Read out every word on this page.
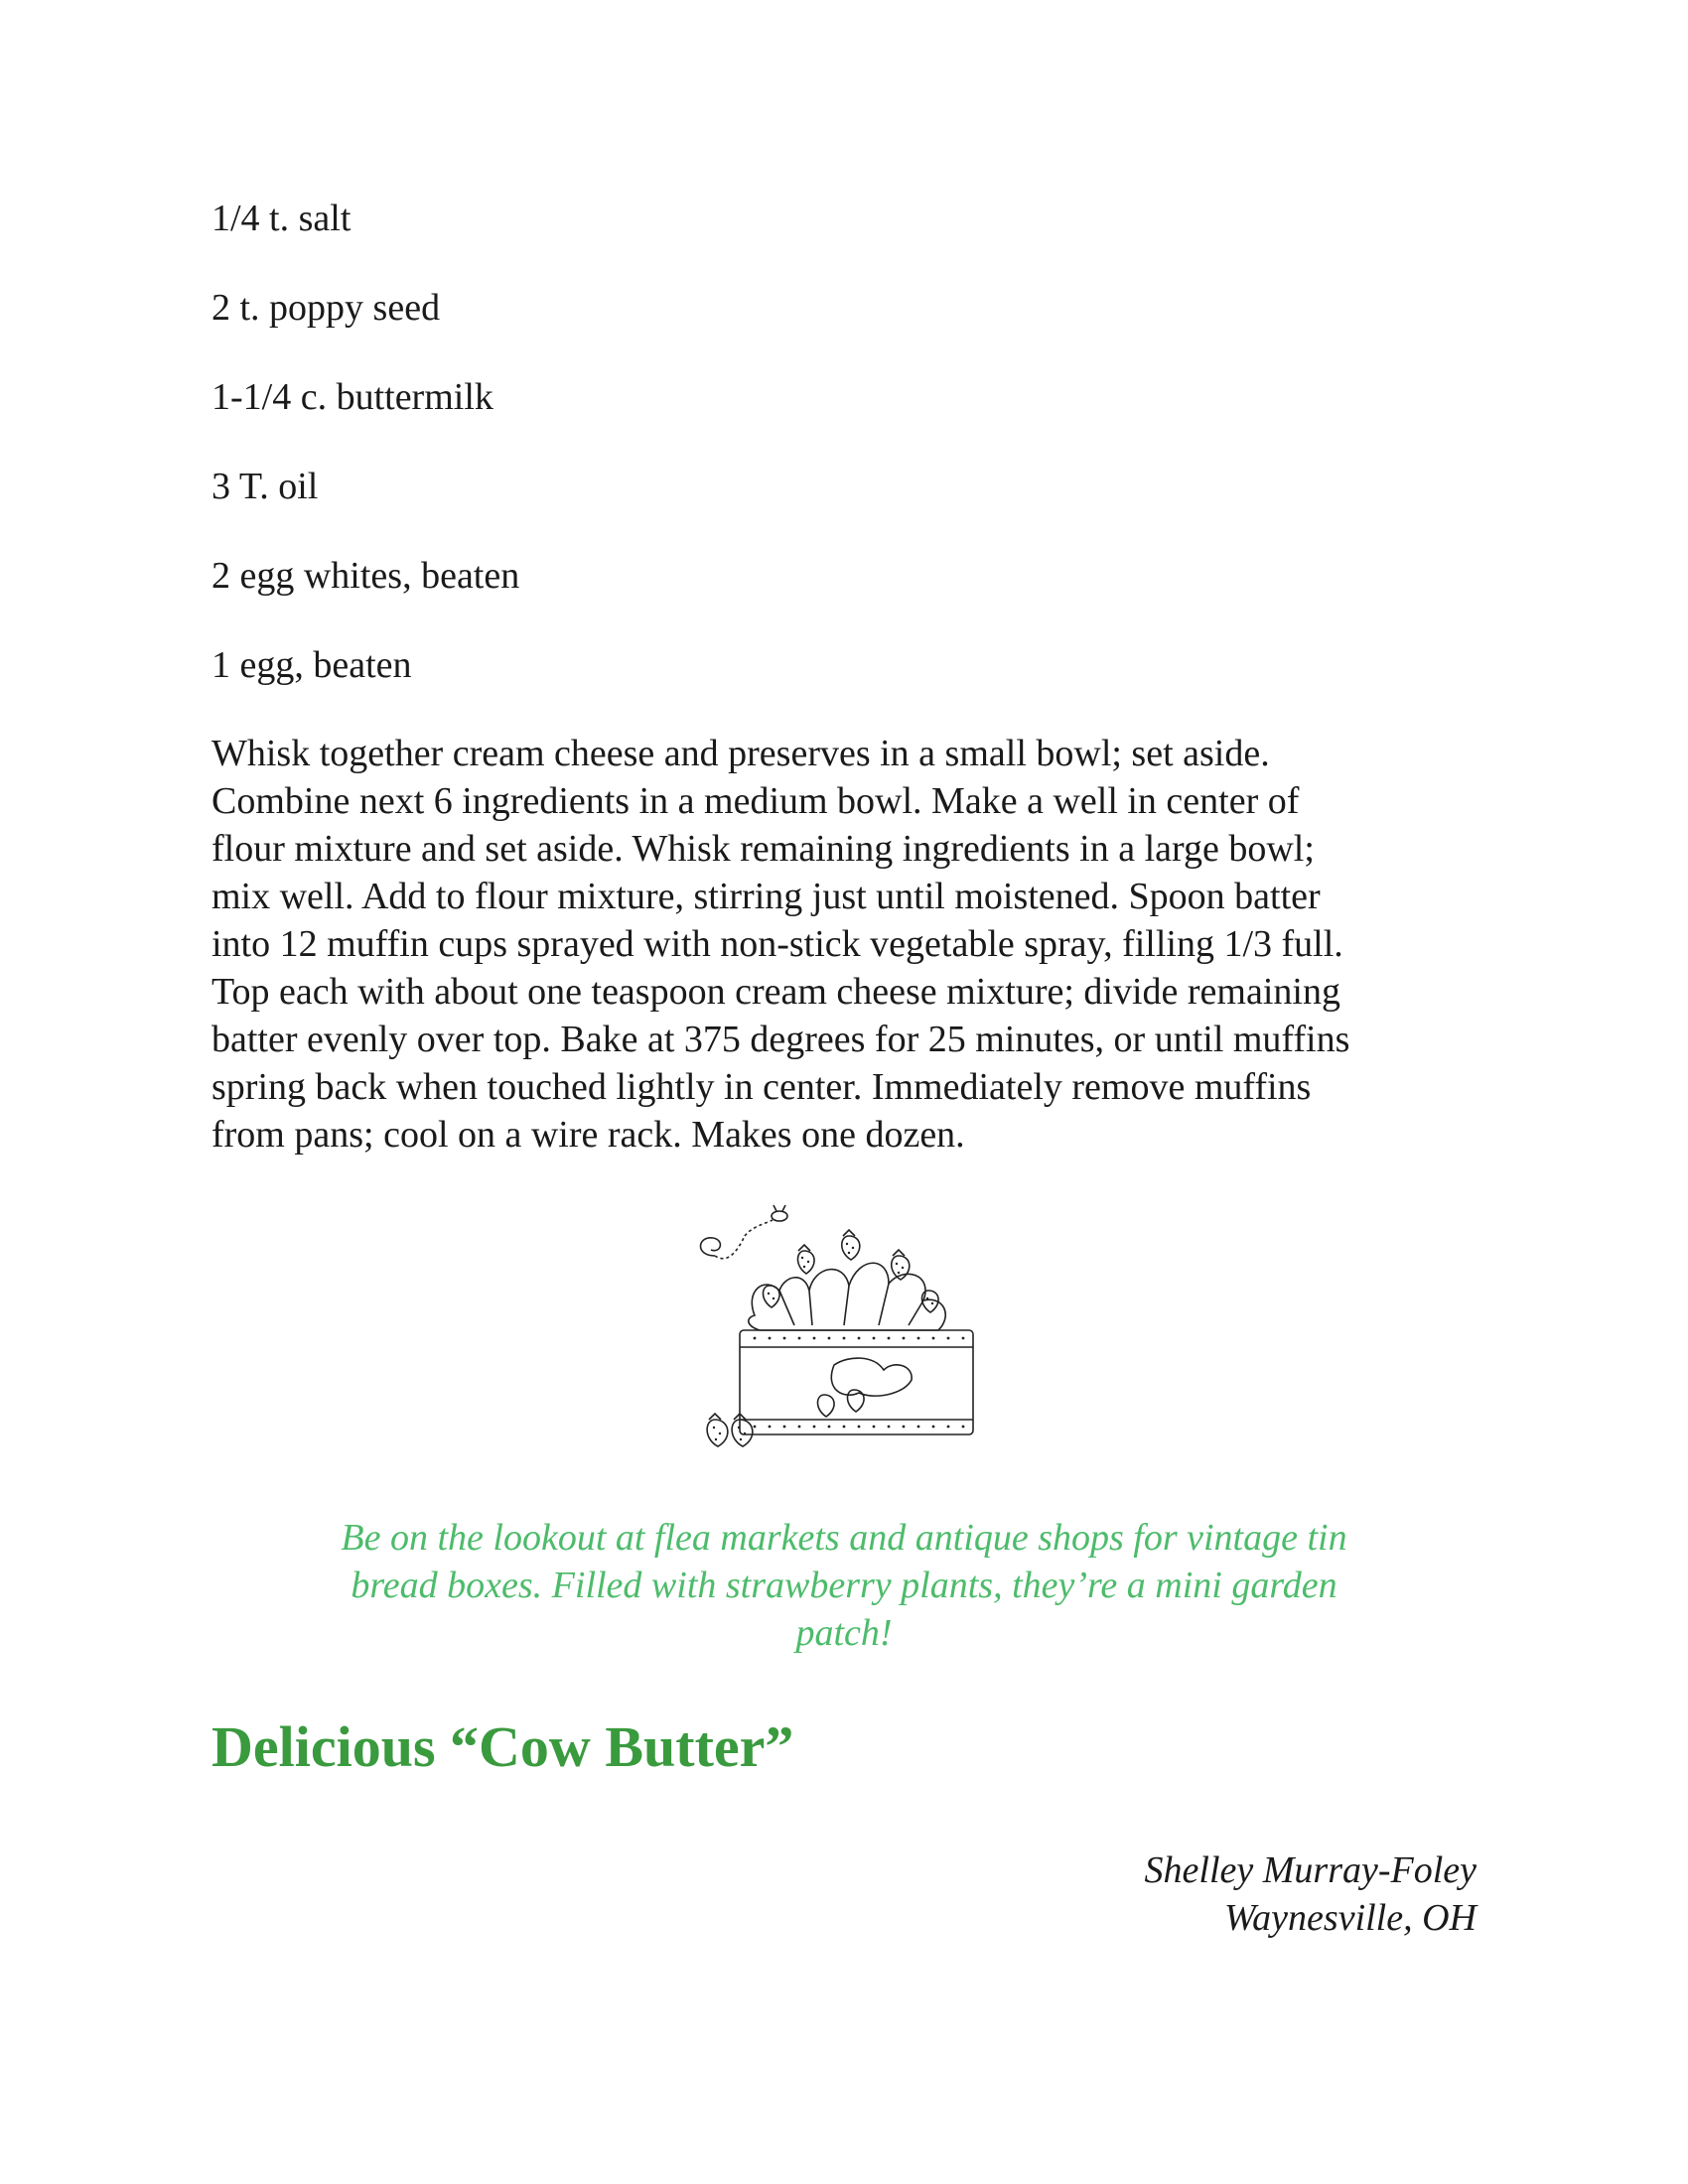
1/4 t. salt
2 t. poppy seed
1-1/4 c. buttermilk
3 T. oil
2 egg whites, beaten
1 egg, beaten

Whisk together cream cheese and preserves in a small bowl; set aside.
Combine next 6 ingredients in a medium bowl. Make a well in center of
flour mixture and set aside. Whisk remaining ingredients in a large bowl;
mix well. Add to flour mixture, stirring just until moistened. Spoon batter
into 12 muffin cups sprayed with non-stick vegetable spray, filling 1/3 full.
Top each with about one teaspoon cream cheese mixture; divide remaining
batter evenly over top. Bake at 375 degrees for 25 minutes, or until muffins
spring back when touched lightly in center. Immediately remove muffins
from pans; cool on a wire rack. Makes one dozen.

Be on the lookout at flea markets and antique shops for vintage tin
bread boxes. Filled with strawberry plants, they’re a mini garden
patch!

Delicious “Cow Butter”

Shelley Murray-Foley
Waynesville, OH
